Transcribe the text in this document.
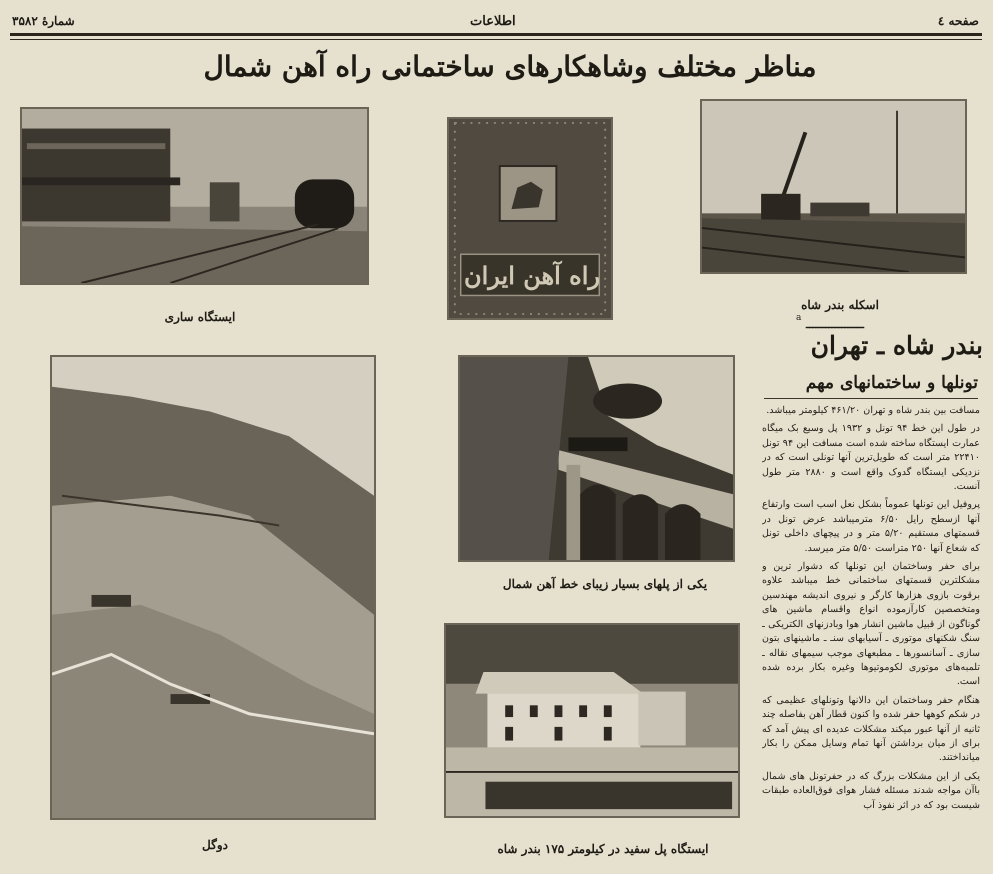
شمارهٔ ۳۵۸۲	اطلاعات	صفحه ٤
مناظر مختلف وشاهکارهای ساختمانی راه آهن شمال
ایستگاه ساری
راه آهن ایران
اسکله بندر شاه
a
دوگل
یکی از پلهای بسیار زیبای خط آهن شمال
ایستگاه پل سفید در کیلومتر ۱۷۵ بندر شاه
ــــــــــــــــــ
بندر شاه ـ تهران
تونلها و ساختمانهای مهم

مسافت بین بندر شاه و تهران ۴۶۱/۲۰ کیلومتر میباشد.

در طول این خط ۹۴ تونل و ۱۹۳۲ پل وسیع بک میگاه عمارت ایستگاه ساخته شده است مسافت این ۹۴ تونل ۲۲۴۱۰ متر است که طویل‌ترین آنها تونلی است که در نزدیکی ایستگاه گدوک واقع است و ۲۸۸۰ متر طول آنست.

پروفیل این تونلها عموماً بشکل نعل اسب است وارتفاع آنها ازسطح رایل ۶/۵۰ مترمیباشد عرض تونل در قسمتهای مستقیم ۵/۲۰ متر و در پیچهای داخلی تونل که شعاع آنها ۲۵۰ متراست ۵/۵۰ متر میرسد.

برای حفر وساختمان این تونلها که دشوار ترین و مشکلترین قسمتهای ساختمانی خط میباشد علاوه برقوت بازوی هزارها کارگر و نیروی اندیشه مهندسین ومتخصصین کارآزموده انواع واقسام ماشین های گوناگون از قبیل ماشین انشار هوا وبادزنهای الکتریکی ـ سنگ شکنهای موتوری ـ آسیابهای سنـ ـ ماشینهای بتون سازی ـ آسانسورها ـ مطبعهای موجب سیمهای نقاله ـ تلمبه‌های موتوری لکوموتیوها وغیره بکار برده شده است.

هنگام حفر وساختمان این دالانها وتونلهای عظیمی که در شکم کوهها حفر شده وا کنون قطار آهن بفاصله چند ثانیه از آنها عبور میکند مشکلات عدیده ای پیش آمد که برای از میان برداشتن آنها تمام وسایل ممکن را بکار میانداختند.

یکی از این مشکلات بزرگ که در حفرتونل های شمال باآن مواجه شدند مسئله فشار هوای فوق‌العاده طبقات شیست بود که در اثر نفوذ آب
